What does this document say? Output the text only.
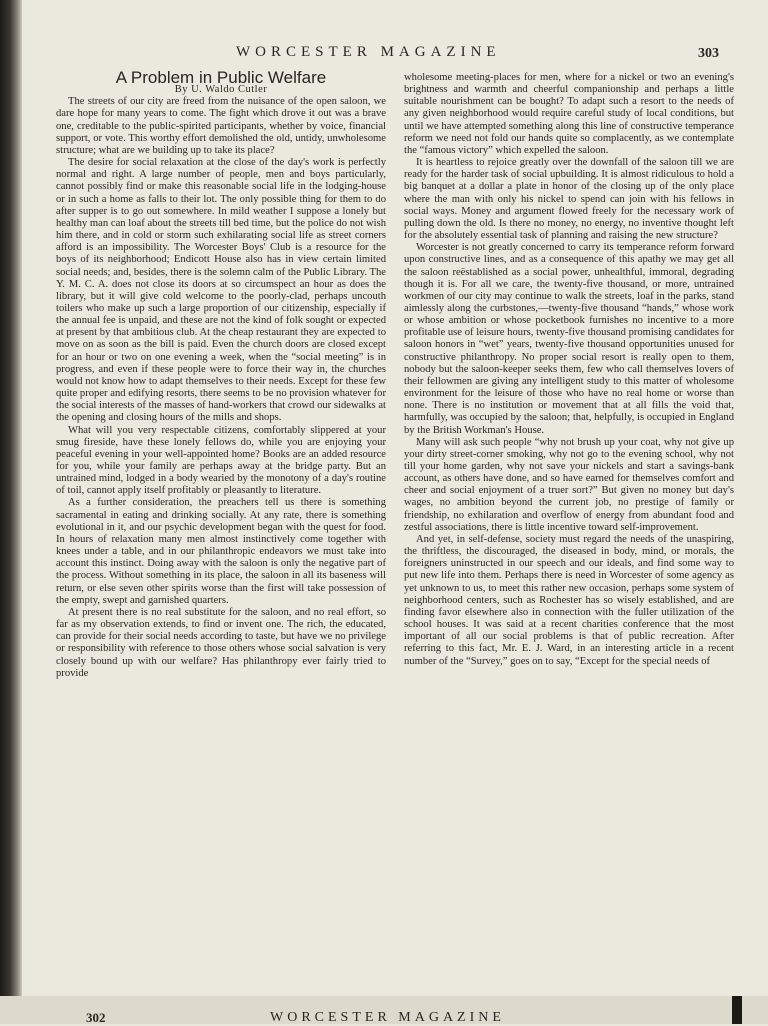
WORCESTER MAGAZINE	303

A Problem in Public Welfare

By U. Waldo Cutler

The streets of our city are freed from the nuisance of the open saloon, we dare hope for many years to come. The fight which drove it out was a brave one, creditable to the public-spirited participants, whether by voice, financial support, or vote. This worthy effort demolished the old, untidy, unwholesome structure; what are we building up to take its place?

The desire for social relaxation at the close of the day's work is perfectly normal and right. A large number of people, men and boys particularly, cannot possibly find or make this reasonable social life in the lodging-house or in such a home as falls to their lot. The only possible thing for them to do after supper is to go out somewhere. In mild weather I suppose a lonely but healthy man can loaf about the streets till bed time, but the police do not wish him there, and in cold or storm such exhilarating social life as street corners afford is an impossibility. The Worcester Boys' Club is a resource for the boys of its neighborhood; Endicott House also has in view certain limited social needs; and, besides, there is the solemn calm of the Public Library. The Y. M. C. A. does not close its doors at so circumspect an hour as does the library, but it will give cold welcome to the poorly-clad, perhaps uncouth toilers who make up such a large proportion of our citizenship, especially if the annual fee is unpaid, and these are not the kind of folk sought or expected at present by that ambitious club. At the cheap restaurant they are expected to move on as soon as the bill is paid. Even the church doors are closed except for an hour or two on one evening a week, when the “social meeting” is in progress, and even if these people were to force their way in, the churches would not know how to adapt themselves to their needs. Except for these few quite proper and edifying resorts, there seems to be no provision whatever for the social interests of the masses of hand-workers that crowd our sidewalks at the opening and closing hours of the mills and shops.

What will you very respectable citizens, comfortably slippered at your smug fireside, have these lonely fellows do, while you are enjoying your peaceful evening in your well-appointed home? Books are an added resource for you, while your family are perhaps away at the bridge party. But an untrained mind, lodged in a body wearied by the monotony of a day's routine of toil, cannot apply itself profitably or pleasantly to literature.

As a further consideration, the preachers tell us there is something sacramental in eating and drinking socially. At any rate, there is something evolutional in it, and our psychic development began with the quest for food. In hours of relaxation many men almost instinctively come together with knees under a table, and in our philanthropic endeavors we must take into account this instinct. Doing away with the saloon is only the negative part of the process. Without something in its place, the saloon in all its baseness will return, or else seven other spirits worse than the first will take possession of the empty, swept and garnished quarters.

At present there is no real substitute for the saloon, and no real effort, so far as my observation extends, to find or invent one. The rich, the educated, can provide for their social needs according to taste, but have we no privilege or responsibility with reference to those others whose social salvation is very closely bound up with our welfare? Has philanthropy ever fairly tried to provide

wholesome meeting-places for men, where for a nickel or two an evening's brightness and warmth and cheerful companionship and perhaps a little suitable nourishment can be bought? To adapt such a resort to the needs of any given neighborhood would require careful study of local conditions, but until we have attempted something along this line of constructive temperance reform we need not fold our hands quite so complacently, as we contemplate the “famous victory” which expelled the saloon.

It is heartless to rejoice greatly over the downfall of the saloon till we are ready for the harder task of social upbuilding. It is almost ridiculous to hold a big banquet at a dollar a plate in honor of the closing up of the only place where the man with only his nickel to spend can join with his fellows in social ways. Money and argument flowed freely for the necessary work of pulling down the old. Is there no money, no energy, no inventive thought left for the absolutely essential task of planning and raising the new structure?

Worcester is not greatly concerned to carry its temperance reform forward upon constructive lines, and as a consequence of this apathy we may get all the saloon reëstablished as a social power, unhealthful, immoral, degrading though it is. For all we care, the twenty-five thousand, or more, untrained workmen of our city may continue to walk the streets, loaf in the parks, stand aimlessly along the curbstones,—twenty-five thousand “hands,” whose work or whose ambition or whose pocketbook furnishes no incentive to a more profitable use of leisure hours, twenty-five thousand promising candidates for saloon honors in “wet” years, twenty-five thousand opportunities unused for constructive philanthropy. No proper social resort is really open to them, nobody but the saloon-keeper seeks them, few who call themselves lovers of their fellowmen are giving any intelligent study to this matter of wholesome environment for the leisure of those who have no real home or worse than none. There is no institution or movement that at all fills the void that, harmfully, was occupied by the saloon; that, helpfully, is occupied in England by the British Workman's House.

Many will ask such people “why not brush up your coat, why not give up your dirty street-corner smoking, why not go to the evening school, why not till your home garden, why not save your nickels and start a savings-bank account, as others have done, and so have earned for themselves comfort and cheer and social enjoyment of a truer sort?” But given no money but day's wages, no ambition beyond the current job, no prestige of family or friendship, no exhilaration and overflow of energy from abundant food and zestful associations, there is little incentive toward self-improvement.

And yet, in self-defense, society must regard the needs of the unaspiring, the thriftless, the discouraged, the diseased in body, mind, or morals, the foreigners uninstructed in our speech and our ideals, and find some way to put new life into them. Perhaps there is need in Worcester of some agency as yet unknown to us, to meet this rather new occasion, perhaps some system of neighborhood centers, such as Rochester has so wisely established, and are finding favor elsewhere also in connection with the fuller utilization of the school houses. It was said at a recent charities conference that the most important of all our social problems is that of public recreation. After referring to this fact, Mr. E. J. Ward, in an interesting article in a recent number of the “Survey,” goes on to say, “Except for the special needs of

302	WORCESTER MAGAZINE
